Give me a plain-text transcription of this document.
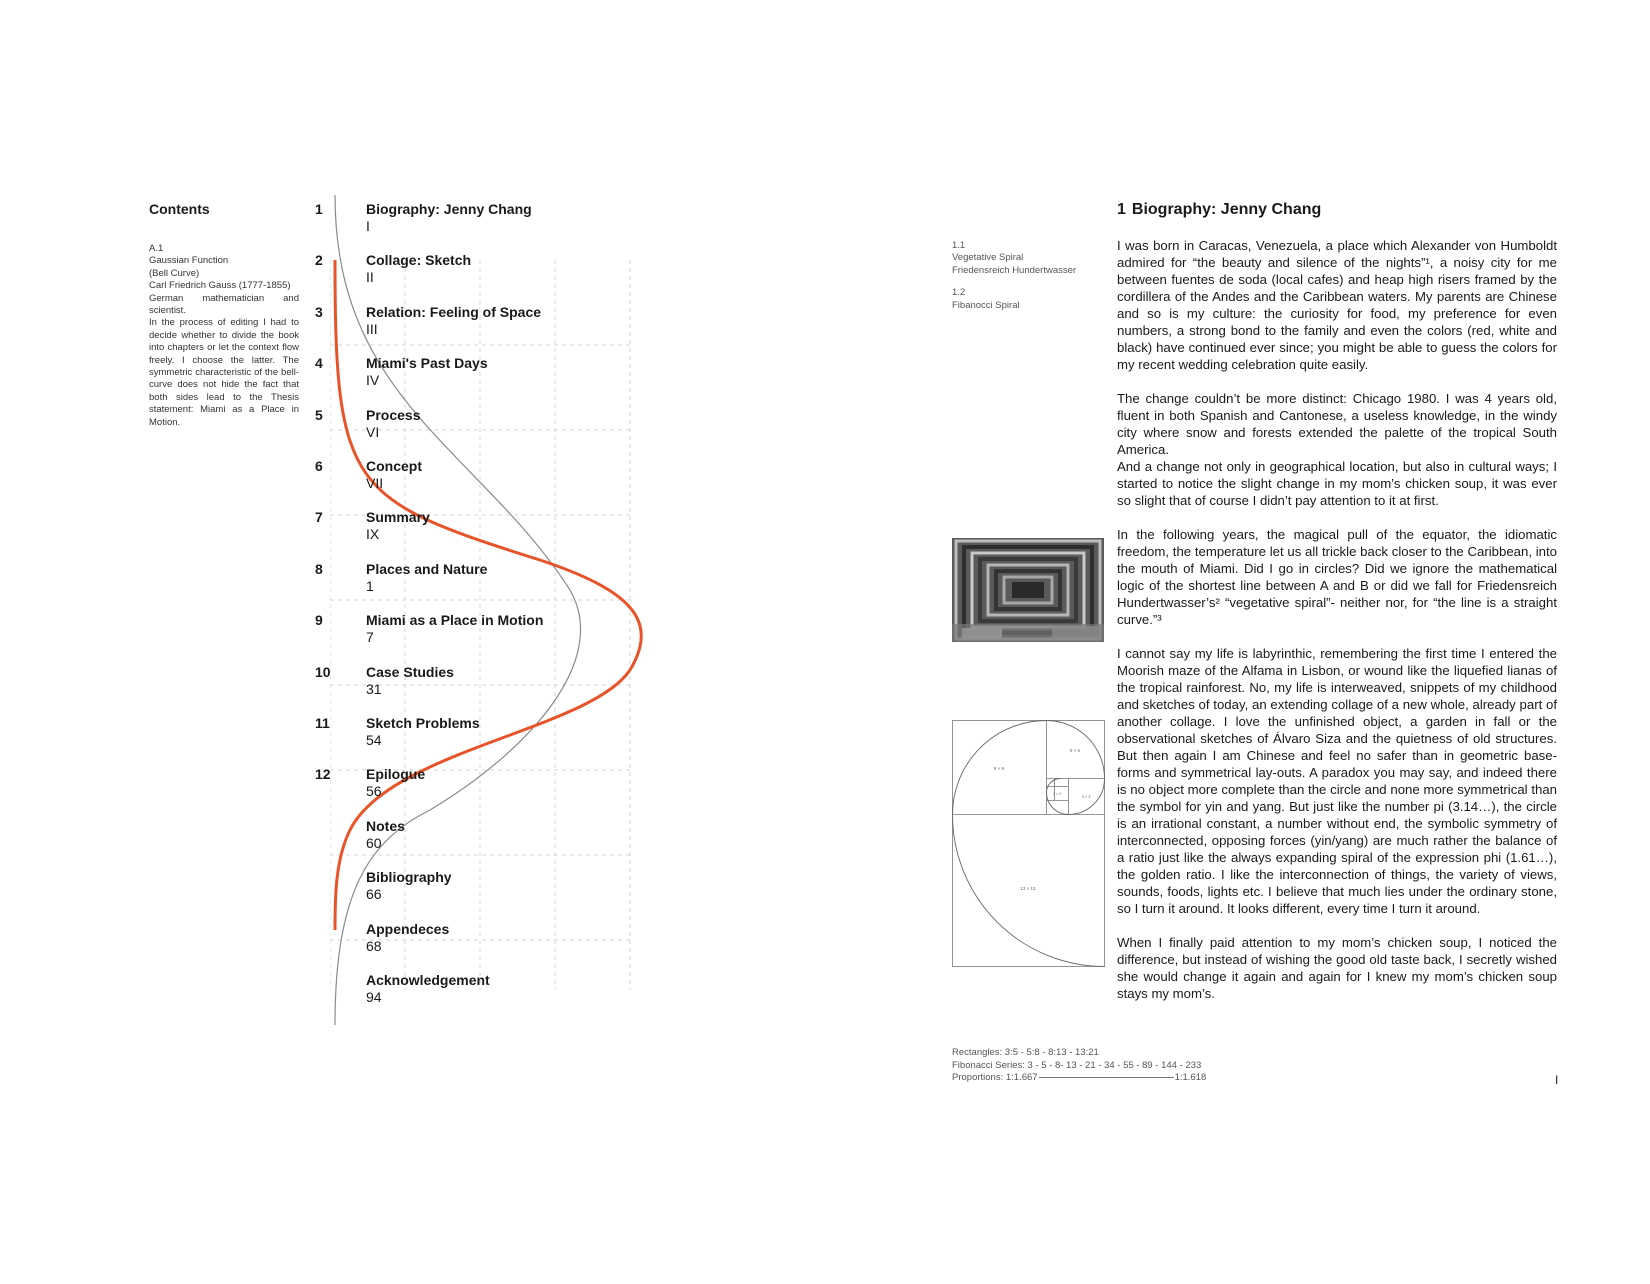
Contents

A.1

Gaussian Function

(Bell Curve)

Carl Friedrich Gauss (1777-1855)

German mathematician and scientist.

In the process of editing I had to decide whether to divide the book into chapters or let the context flow freely. I choose the latter. The symmetric characteristic of the bell-curve does not hide the fact that both sides lead to the Thesis statement: Miami as a Place in Motion.

1	Biography: Jenny Chang
I
2	Collage: Sketch
II
3	Relation: Feeling of Space
III
4	Miami's Past Days
IV
5	Process
VI
6	Concept
VII
7	Summary
IX
8	Places and Nature
1
9	Miami as a Place in Motion
7
10	Case Studies
31
11	Sketch Problems
54
12	Epilogue
56
Notes
60
Bibliography
66
Appendeces
68
Acknowledgement
94

1.1

Vegetative Spiral

Friedensreich Hundertwasser

1.2

Fibanocci Spiral

13 × 13
8 × 8
5 × 5
3 × 3
2 × 2

Rectangles: 3:5 - 5:8 - 8:13 - 13:21

Fibonacci Series: 3 - 5 - 8- 13 - 21 - 34 - 55 - 89 - 144 - 233

Proportions: 1:1.667	1:1.618

1 Biography: Jenny Chang

I was born in Caracas, Venezuela, a place which Alexander von Humboldt admired for “the beauty and silence of the nights”¹, a noisy city for me between fuentes de soda (local cafes) and heap high risers framed by the cordillera of the Andes and the Caribbean waters. My parents are Chinese and so is my culture: the curiosity for food, my preference for even numbers, a strong bond to the family and even the colors (red, white and black) have continued ever since; you might be able to guess the colors for my recent wedding celebration quite easily.

The change couldn’t be more distinct: Chicago 1980. I was 4 years old, fluent in both Spanish and Cantonese, a useless knowledge, in the windy city where snow and forests extended the palette of the tropical South America.

And a change not only in geographical location, but also in cultural ways; I started to notice the slight change in my mom’s chicken soup, it was ever so slight that of course I didn’t pay attention to it at first.

In the following years, the magical pull of the equator, the idiomatic freedom, the temperature let us all trickle back closer to the Caribbean, into the mouth of Miami. Did I go in circles? Did we ignore the mathematical logic of the shortest line between A and B or did we fall for Friedensreich Hundertwasser’s² “vegetative spiral”- neither nor, for “the line is a straight curve.”³

I cannot say my life is labyrinthic, remembering the first time I entered the Moorish maze of the Alfama in Lisbon, or wound like the liquefied lianas of the tropical rainforest. No, my life is interweaved, snippets of my childhood and sketches of today, an extending collage of a new whole, already part of another collage. I love the unfinished object, a garden in fall or the observational sketches of Álvaro Siza and the quietness of old structures. But then again I am Chinese and feel no safer than in geometric base-forms and symmetrical lay-outs. A paradox you may say, and indeed there is no object more complete than the circle and none more symmetrical than the symbol for yin and yang. But just like the number pi (3.14…), the circle is an irrational constant, a number without end, the symbolic symmetry of interconnected, opposing forces (yin/yang) are much rather the balance of a ratio just like the always expanding spiral of the expression phi (1.61…), the golden ratio. I like the interconnection of things, the variety of views, sounds, foods, lights etc. I believe that much lies under the ordinary stone, so I turn it around. It looks different, every time I turn it around.

When I finally paid attention to my mom’s chicken soup, I noticed the difference, but instead of wishing the good old taste back, I secretly wished she would change it again and again for I knew my mom’s chicken soup stays my mom’s.

I
